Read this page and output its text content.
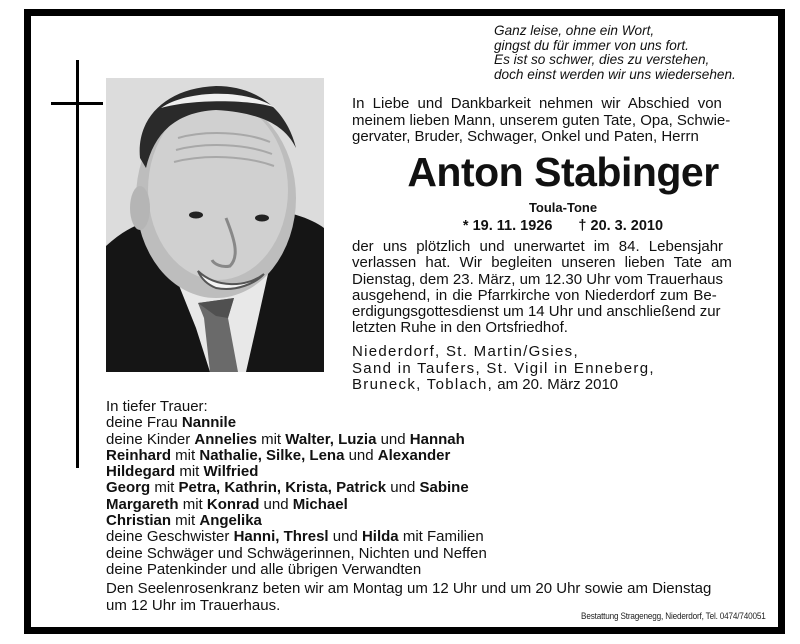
Ganz leise, ohne ein Wort,
gingst du für immer von uns fort.
Es ist so schwer, dies zu verstehen,
doch einst werden wir uns wiedersehen.
In Liebe und Dankbarkeit nehmen wir Abschied von
meinem lieben Mann, unserem guten Tate, Opa, Schwie-
gervater, Bruder, Schwager, Onkel und Paten, Herrn
Anton Stabinger
Toula-Tone
* 19. 11. 1926 † 20. 3. 2010
der uns plötzlich und unerwartet im 84. Lebensjahr
verlassen hat. Wir begleiten unseren lieben Tate am
Dienstag, dem 23. März, um 12.30 Uhr vom Trauerhaus
ausgehend, in die Pfarrkirche von Niederdorf zum Be-
erdigungsgottesdienst um 14 Uhr und anschließend zur
letzten Ruhe in den Ortsfriedhof.
Niederdorf, St. Martin/Gsies,
Sand in Taufers, St. Vigil in Enneberg,
Bruneck, Toblach, am 20. März 2010
In tiefer Trauer:
deine Frau Nannile
deine Kinder Annelies mit Walter, Luzia und Hannah
Reinhard mit Nathalie, Silke, Lena und Alexander
Hildegard mit Wilfried
Georg mit Petra, Kathrin, Krista, Patrick und Sabine
Margareth mit Konrad und Michael
Christian mit Angelika
deine Geschwister Hanni, Thresl und Hilda mit Familien
deine Schwäger und Schwägerinnen, Nichten und Neffen
deine Patenkinder und alle übrigen Verwandten
Den Seelenrosenkranz beten wir am Montag um 12 Uhr und um 20 Uhr sowie am Dienstag
um 12 Uhr im Trauerhaus.
Bestattung Stragenegg, Niederdorf, Tel. 0474/740051
